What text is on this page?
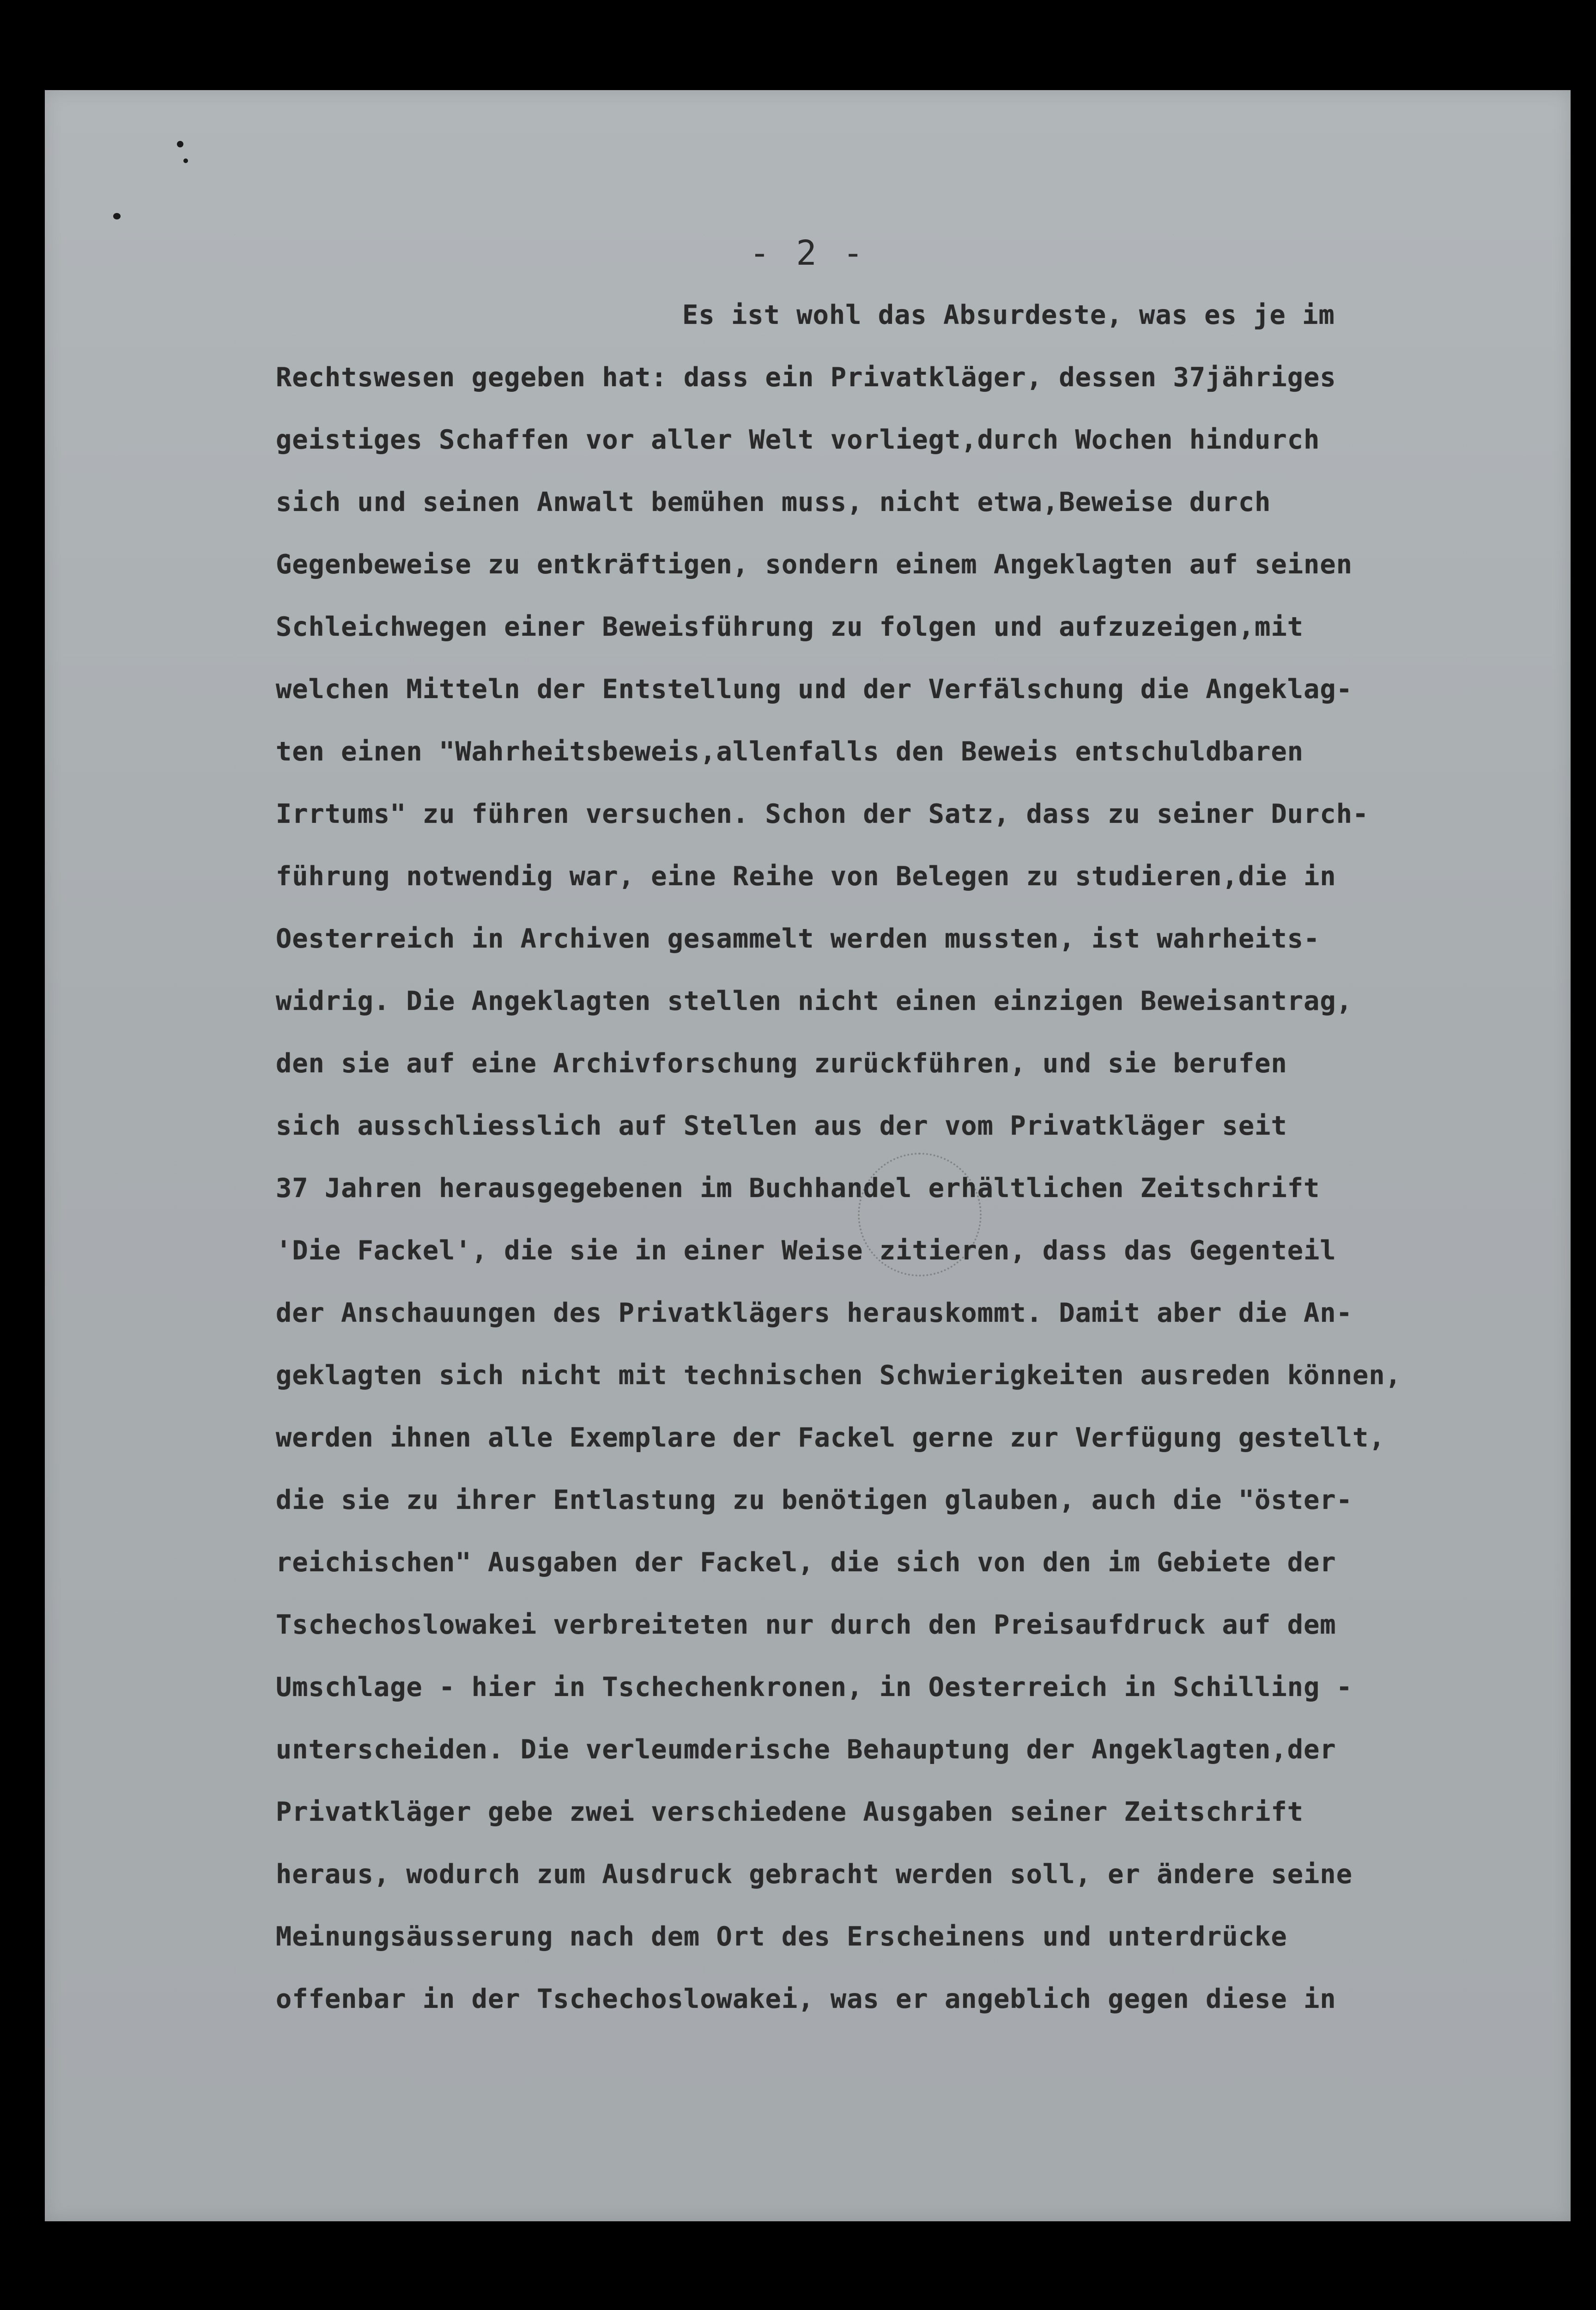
- 2 -
Es ist wohl das Absurdeste, was es je im
Rechtswesen gegeben hat: dass ein Privatkläger, dessen 37jähriges
geistiges Schaffen vor aller Welt vorliegt,durch Wochen hindurch
sich und seinen Anwalt bemühen muss, nicht etwa,Beweise durch
Gegenbeweise zu entkräftigen, sondern einem Angeklagten auf seinen
Schleichwegen einer Beweisführung zu folgen und aufzuzeigen,mit
welchen Mitteln der Entstellung und der Verfälschung die Angeklag-
ten einen "Wahrheitsbeweis,allenfalls den Beweis entschuldbaren
Irrtums" zu führen versuchen. Schon der Satz, dass zu seiner Durch-
führung notwendig war, eine Reihe von Belegen zu studieren,die in
Oesterreich in Archiven gesammelt werden mussten, ist wahrheits-
widrig. Die Angeklagten stellen nicht einen einzigen Beweisantrag,
den sie auf eine Archivforschung zurückführen, und sie berufen
sich ausschliesslich auf Stellen aus der vom Privatkläger seit
37 Jahren herausgegebenen im Buchhandel erhältlichen Zeitschrift
'Die Fackel', die sie in einer Weise zitieren, dass das Gegenteil
der Anschauungen des Privatklägers herauskommt. Damit aber die An-
geklagten sich nicht mit technischen Schwierigkeiten ausreden können,
werden ihnen alle Exemplare der Fackel gerne zur Verfügung gestellt,
die sie zu ihrer Entlastung zu benötigen glauben, auch die "öster-
reichischen" Ausgaben der Fackel, die sich von den im Gebiete der
Tschechoslowakei verbreiteten nur durch den Preisaufdruck auf dem
Umschlage - hier in Tschechenkronen, in Oesterreich in Schilling -
unterscheiden. Die verleumderische Behauptung der Angeklagten,der
Privatkläger gebe zwei verschiedene Ausgaben seiner Zeitschrift
heraus, wodurch zum Ausdruck gebracht werden soll, er ändere seine
Meinungsäusserung nach dem Ort des Erscheinens und unterdrücke
offenbar in der Tschechoslowakei, was er angeblich gegen diese in
